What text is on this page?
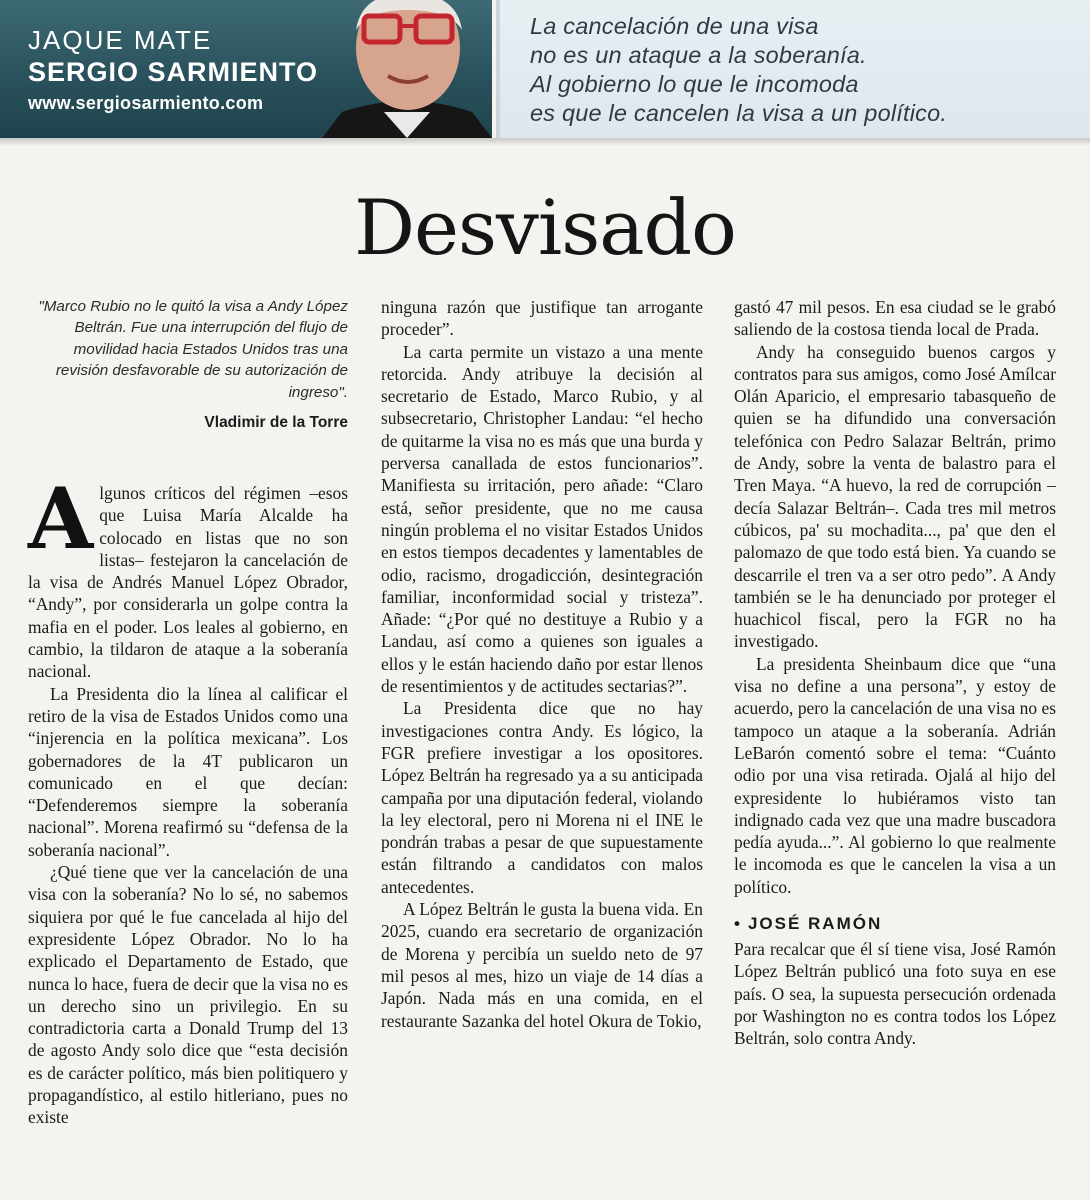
JAQUE MATE
SERGIO SARMIENTO
www.sergiosarmiento.com
La cancelación de una visa
no es un ataque a la soberanía.
Al gobierno lo que le incomoda
es que le cancelen la visa a un político.
Desvisado
"Marco Rubio no le quitó la visa a Andy López Beltrán. Fue una interrupción del flujo de movilidad hacia Estados Unidos tras una revisión desfavorable de su autorización de ingreso".
Vladimir de la Torre

Algunos críticos del régimen –esos que Luisa María Alcalde ha colocado en listas que no son listas– festejaron la cancelación de la visa de Andrés Manuel López Obrador, “Andy”, por considerarla un golpe contra la mafia en el poder. Los leales al gobierno, en cambio, la tildaron de ataque a la soberanía nacional.

La Presidenta dio la línea al calificar el retiro de la visa de Estados Unidos como una “injerencia en la política mexicana”. Los gobernadores de la 4T publicaron un comunicado en el que decían: “Defenderemos siempre la soberanía nacional”. Morena reafirmó su “defensa de la soberanía nacional”.

¿Qué tiene que ver la cancelación de una visa con la soberanía? No lo sé, no sabemos siquiera por qué le fue cancelada al hijo del expresidente López Obrador. No lo ha explicado el Departamento de Estado, que nunca lo hace, fuera de decir que la visa no es un derecho sino un privilegio. En su contradictoria carta a Donald Trump del 13 de agosto Andy solo dice que “esta decisión es de carácter político, más bien politiquero y propagandístico, al estilo hitleriano, pues no existe

ninguna razón que justifique tan arrogante proceder”.

La carta permite un vistazo a una mente retorcida. Andy atribuye la decisión al secretario de Estado, Marco Rubio, y al subsecretario, Christopher Landau: “el hecho de quitarme la visa no es más que una burda y perversa canallada de estos funcionarios”. Manifiesta su irritación, pero añade: “Claro está, señor presidente, que no me causa ningún problema el no visitar Estados Unidos en estos tiempos decadentes y lamentables de odio, racismo, drogadicción, desintegración familiar, inconformidad social y tristeza”. Añade: “¿Por qué no destituye a Rubio y a Landau, así como a quienes son iguales a ellos y le están haciendo daño por estar llenos de resentimientos y de actitudes sectarias?”.

La Presidenta dice que no hay investigaciones contra Andy. Es lógico, la FGR prefiere investigar a los opositores. López Beltrán ha regresado ya a su anticipada campaña por una diputación federal, violando la ley electoral, pero ni Morena ni el INE le pondrán trabas a pesar de que supuestamente están filtrando a candidatos con malos antecedentes.

A López Beltrán le gusta la buena vida. En 2025, cuando era secretario de organización de Morena y percibía un sueldo neto de 97 mil pesos al mes, hizo un viaje de 14 días a Japón. Nada más en una comida, en el restaurante Sazanka del hotel Okura de Tokio,

gastó 47 mil pesos. En esa ciudad se le grabó saliendo de la costosa tienda local de Prada.

Andy ha conseguido buenos cargos y contratos para sus amigos, como José Amílcar Olán Aparicio, el empresario tabasqueño de quien se ha difundido una conversación telefónica con Pedro Salazar Beltrán, primo de Andy, sobre la venta de balastro para el Tren Maya. “A huevo, la red de corrupción –decía Salazar Beltrán–. Cada tres mil metros cúbicos, pa' su mochadita..., pa' que den el palomazo de que todo está bien. Ya cuando se descarrile el tren va a ser otro pedo”. A Andy también se le ha denunciado por proteger el huachicol fiscal, pero la FGR no ha investigado.

La presidenta Sheinbaum dice que “una visa no define a una persona”, y estoy de acuerdo, pero la cancelación de una visa no es tampoco un ataque a la soberanía. Adrián LeBarón comentó sobre el tema: “Cuánto odio por una visa retirada. Ojalá al hijo del expresidente lo hubiéramos visto tan indignado cada vez que una madre buscadora pedía ayuda...”. Al gobierno lo que realmente le incomoda es que le cancelen la visa a un político.

• JOSÉ RAMÓN

Para recalcar que él sí tiene visa, José Ramón López Beltrán publicó una foto suya en ese país. O sea, la supuesta persecución ordenada por Washington no es contra todos los López Beltrán, solo contra Andy.
